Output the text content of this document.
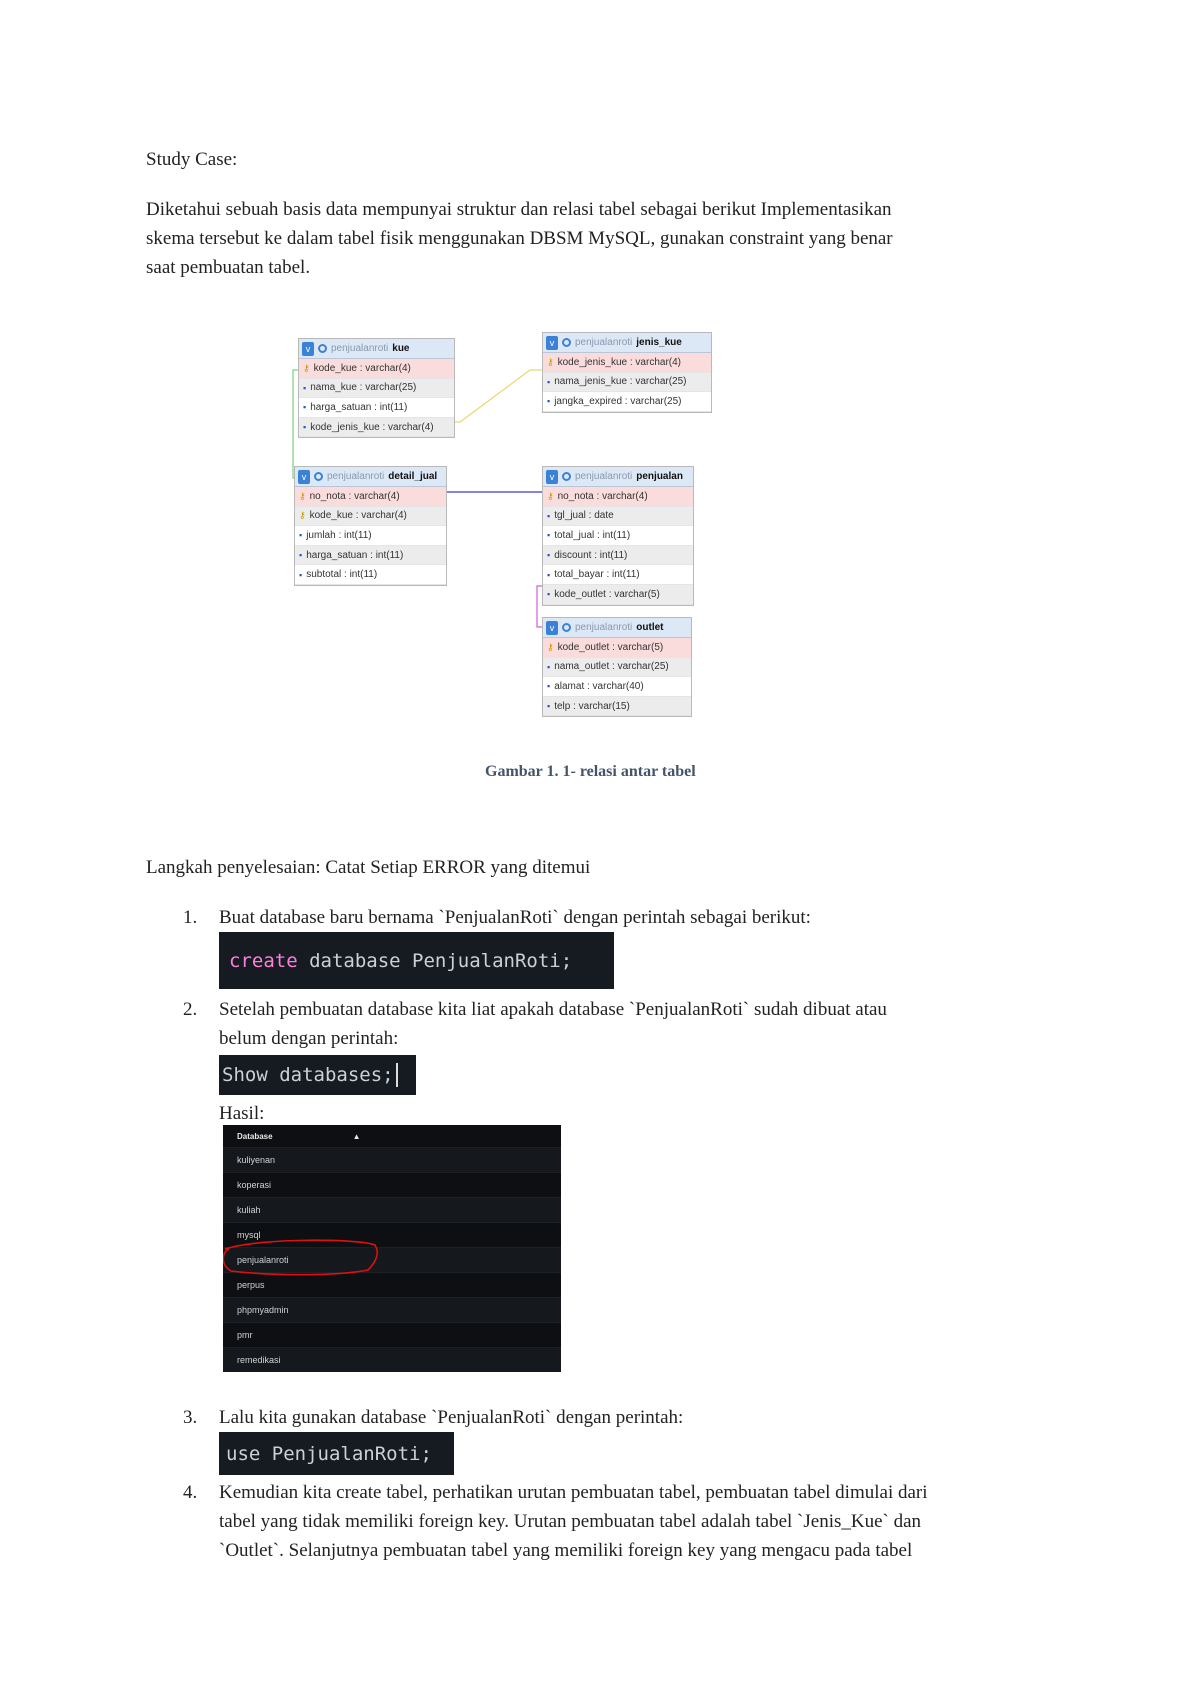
Study Case:
Diketahui sebuah basis data mempunyai struktur dan relasi tabel sebagai berikut Implementasikan
skema tersebut ke dalam tabel fisik menggunakan DBSM MySQL, gunakan constraint yang benar
saat pembuatan tabel.
v	penjualanroti kue
⚷ kode_kue : varchar(4)
▪ nama_kue : varchar(25)
▪ harga_satuan : int(11)
▪ kode_jenis_kue : varchar(4)
v	penjualanroti jenis_kue
⚷ kode_jenis_kue : varchar(4)
▪ nama_jenis_kue : varchar(25)
▪ jangka_expired : varchar(25)
v	penjualanroti detail_jual
⚷ no_nota : varchar(4)
⚷ kode_kue : varchar(4)
▪ jumlah : int(11)
▪ harga_satuan : int(11)
▪ subtotal : int(11)
v	penjualanroti penjualan
⚷ no_nota : varchar(4)
▪ tgl_jual : date
▪ total_jual : int(11)
▪ discount : int(11)
▪ total_bayar : int(11)
▪ kode_outlet : varchar(5)
v	penjualanroti outlet
⚷ kode_outlet : varchar(5)
▪ nama_outlet : varchar(25)
▪ alamat : varchar(40)
▪ telp : varchar(15)
Gambar 1. 1- relasi antar tabel
Langkah penyelesaian: Catat Setiap ERROR yang ditemui
1. Buat database baru bernama `PenjualanRoti` dengan perintah sebagai berikut:
create database PenjualanRoti;
2. Setelah pembuatan database kita liat apakah database `PenjualanRoti` sudah dibuat atau
belum dengan perintah:
Show databases;
Hasil:
Database	▲
kuliyenan
koperasi
kuliah
mysql
penjualanroti
perpus
phpmyadmin
pmr
remedikasi
3. Lalu kita gunakan database `PenjualanRoti` dengan perintah:
use PenjualanRoti;
4. Kemudian kita create tabel, perhatikan urutan pembuatan tabel, pembuatan tabel dimulai dari
tabel yang tidak memiliki foreign key. Urutan pembuatan tabel adalah tabel `Jenis_Kue` dan
`Outlet`. Selanjutnya pembuatan tabel yang memiliki foreign key yang mengacu pada tabel
